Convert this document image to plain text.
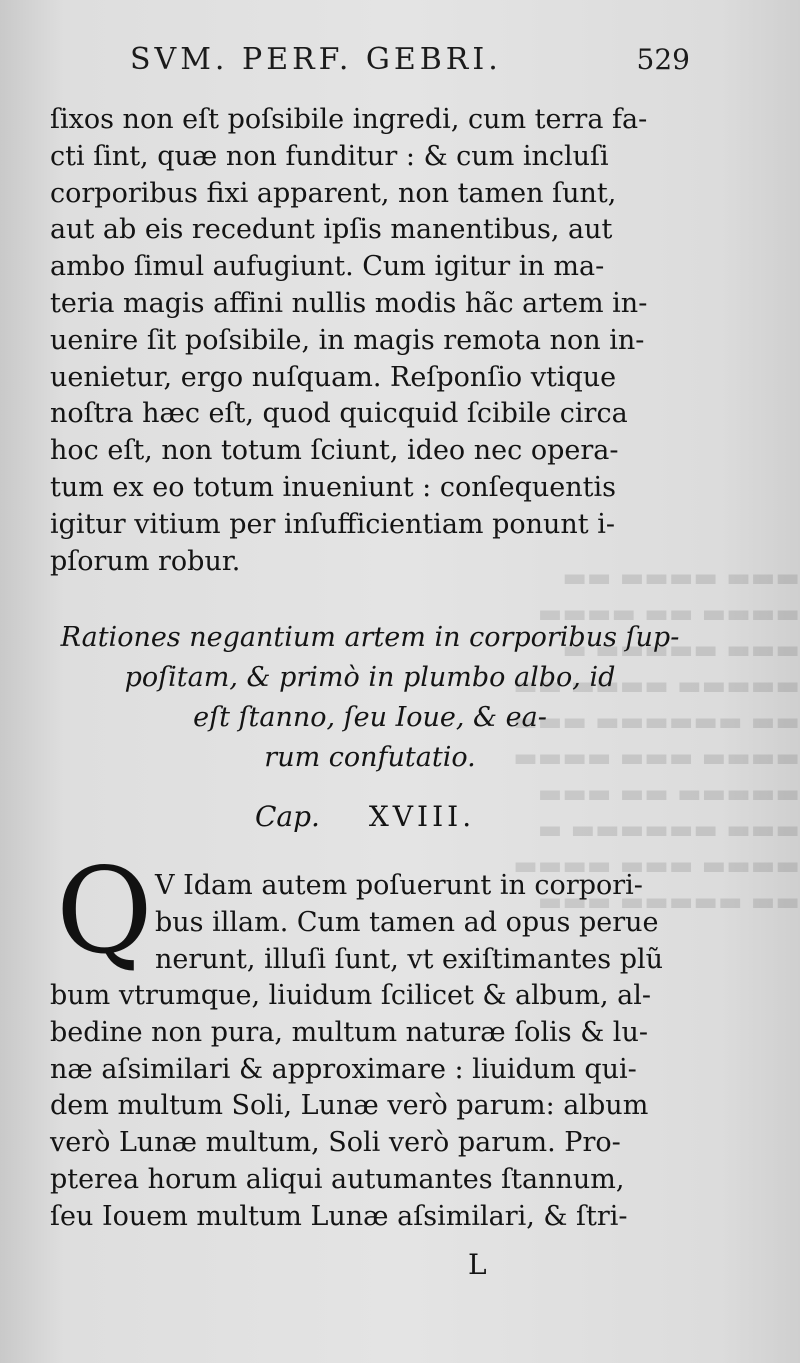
▬▬▬ ▬▬▬▬ ▬▬
▬▬▬▬ ▬▬ ▬▬▬▬
▬▬▬ ▬▬▬▬▬ ▬
▬▬▬▬▬ ▬▬▬▬ ▬▬
▬▬ ▬▬▬▬▬▬ ▬▬▬
▬▬▬▬ ▬▬▬ ▬▬▬▬
▬▬▬▬▬ ▬▬ ▬▬▬
▬▬▬ ▬▬▬▬▬▬ ▬
▬▬▬▬ ▬▬▬ ▬▬▬▬
▬▬ ▬▬▬▬▬ ▬▬▬
SVM. PERF. GEBRI.	529
ſixos non eſt poſsibile ingredi, cum terra fa-
cti ſint, quæ non funditur : & cum incluſi
corporibus fixi apparent, non tamen ſunt,
aut ab eis recedunt ipſis manentibus, aut
ambo ſimul aufugiunt. Cum igitur in ma-
teria magis affini nullis modis hãc artem in-
uenire ſit poſsibile, in magis remota non in-
uenietur, ergo nuſquam. Reſponſio vtique
noſtra hæc eſt, quod quicquid ſcibile circa
hoc eſt, non totum ſciunt, ideo nec opera-
tum ex eo totum inueniunt : conſequentis
igitur vitium per inſufficientiam ponunt i-
pſorum robur.
Rationes negantium artem in corporibus ſup-
poſitam, & primò in plumbo albo, id
eſt ſtanno, ſeu Ioue, & ea-
rum confutatio.
Cap. XVIII.
Q V Idam autem poſuerunt in corpori-
bus illam. Cum tamen ad opus perue
nerunt, illuſi ſunt, vt exiſtimantes plũ
bum vtrumque, liuidum ſcilicet & album, al-
bedine non pura, multum naturæ ſolis & lu-
næ aſsimilari & approximare : liuidum qui-
dem multum Soli, Lunæ verò parum: album
verò Lunæ multum, Soli verò parum. Pro-
pterea horum aliqui autumantes ſtannum,
ſeu Iouem multum Lunæ aſsimilari, & ſtri-
L
